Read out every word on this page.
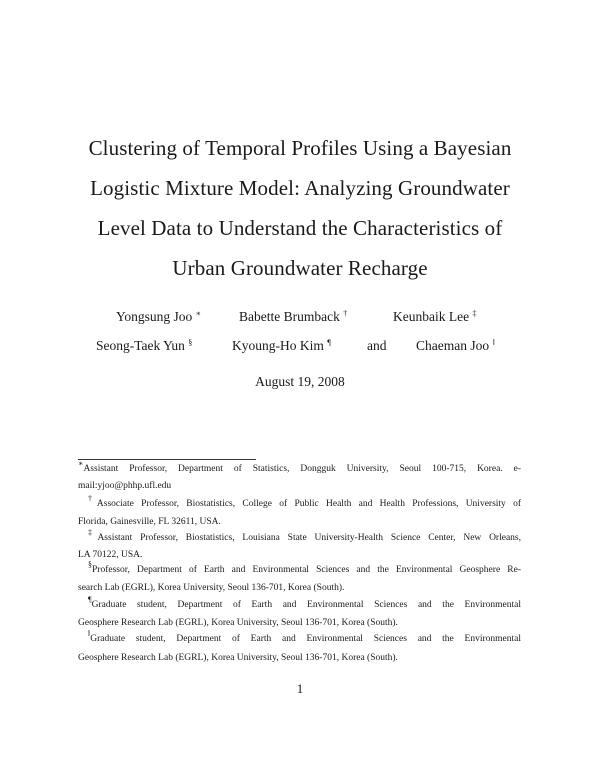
Clustering of Temporal Profiles Using a Bayesian
Logistic Mixture Model: Analyzing Groundwater
Level Data to Understand the Characteristics of
Urban Groundwater Recharge
Yongsung Joo ∗	Babette Brumback †	Keunbaik Lee ‡
Seong-Taek Yun §	Kyoung-Ho Kim ¶	and Chaeman Joo ‖
August 19, 2008
∗Assistant Professor, Department of Statistics, Dongguk University, Seoul 100-715, Korea. e-
mail:yjoo@phhp.ufl.edu
†Associate Professor, Biostatistics, College of Public Health and Health Professions, University of
Florida, Gainesville, FL 32611, USA.
‡Assistant Professor, Biostatistics, Louisiana State University-Health Science Center, New Orleans,
LA 70122, USA.
§Professor, Department of Earth and Environmental Sciences and the Environmental Geosphere Re-
search Lab (EGRL), Korea University, Seoul 136-701, Korea (South).
¶Graduate student, Department of Earth and Environmental Sciences and the Environmental
Geosphere Research Lab (EGRL), Korea University, Seoul 136-701, Korea (South).
‖Graduate student, Department of Earth and Environmental Sciences and the Environmental
Geosphere Research Lab (EGRL), Korea University, Seoul 136-701, Korea (South).
1
